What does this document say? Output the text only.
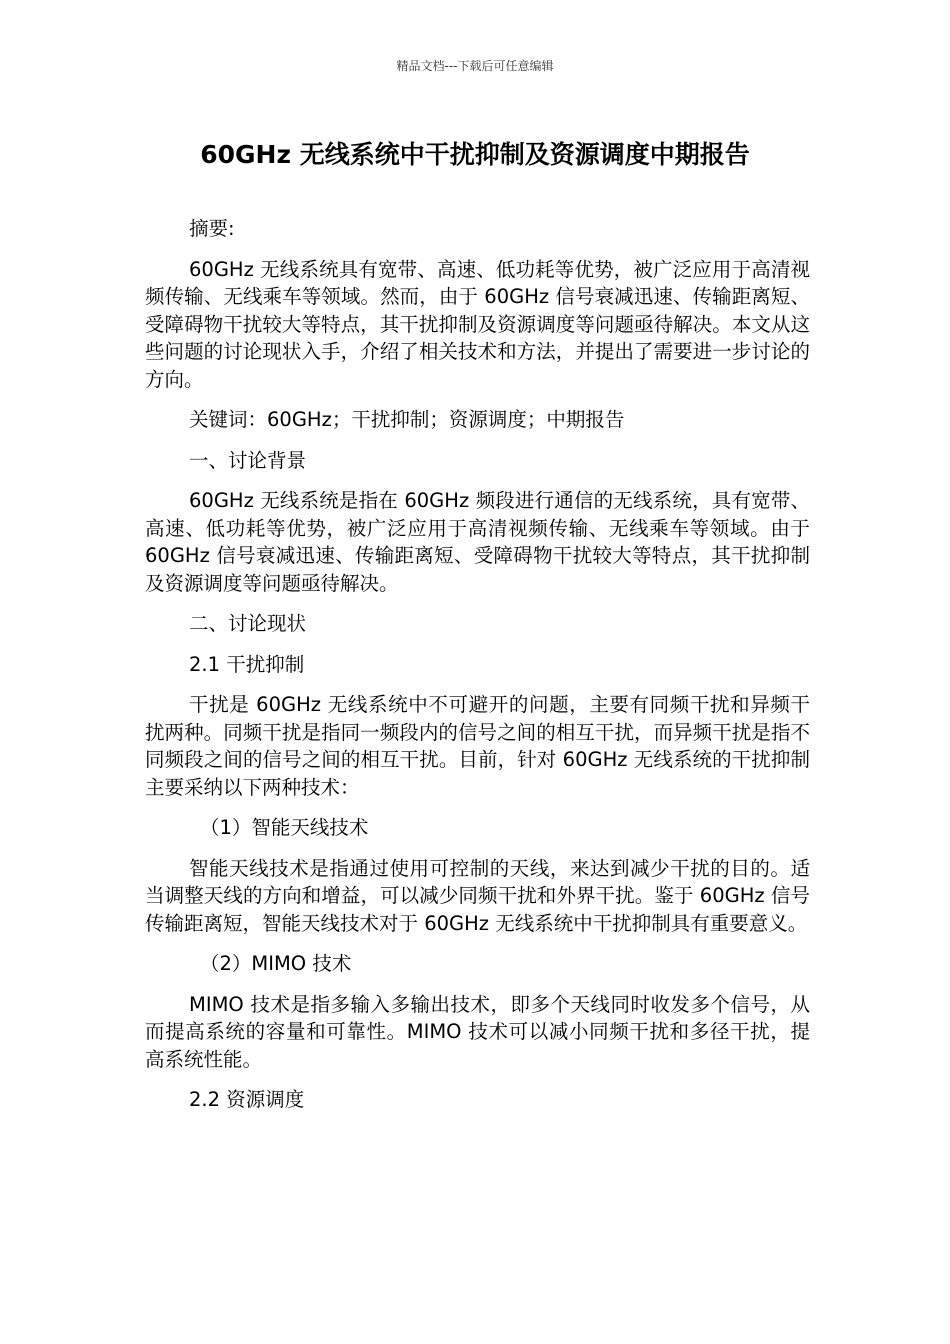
精品文档---下载后可任意编辑
60GHz 无线系统中干扰抑制及资源调度中期报告

摘要:

60GHz 无线系统具有宽带、高速、低功耗等优势，被广泛应用于高清视频传输、无线乘车等领域。然而，由于 60GHz 信号衰减迅速、传输距离短、受障碍物干扰较大等特点，其干扰抑制及资源调度等问题亟待解决。本文从这些问题的讨论现状入手，介绍了相关技术和方法，并提出了需要进一步讨论的方向。

关键词：60GHz；干扰抑制；资源调度；中期报告

一、讨论背景

60GHz 无线系统是指在 60GHz 频段进行通信的无线系统，具有宽带、高速、低功耗等优势，被广泛应用于高清视频传输、无线乘车等领域。由于 60GHz 信号衰减迅速、传输距离短、受障碍物干扰较大等特点，其干扰抑制及资源调度等问题亟待解决。

二、讨论现状

2.1 干扰抑制

干扰是 60GHz 无线系统中不可避开的问题，主要有同频干扰和异频干扰两种。同频干扰是指同一频段内的信号之间的相互干扰，而异频干扰是指不同频段之间的信号之间的相互干扰。目前，针对 60GHz 无线系统的干扰抑制主要采纳以下两种技术：

（1）智能天线技术

智能天线技术是指通过使用可控制的天线，来达到减少干扰的目的。适当调整天线的方向和增益，可以减少同频干扰和外界干扰。鉴于 60GHz 信号传输距离短，智能天线技术对于 60GHz 无线系统中干扰抑制具有重要意义。

（2）MIMO 技术

MIMO 技术是指多输入多输出技术，即多个天线同时收发多个信号，从而提高系统的容量和可靠性。MIMO 技术可以减小同频干扰和多径干扰，提高系统性能。

2.2 资源调度
